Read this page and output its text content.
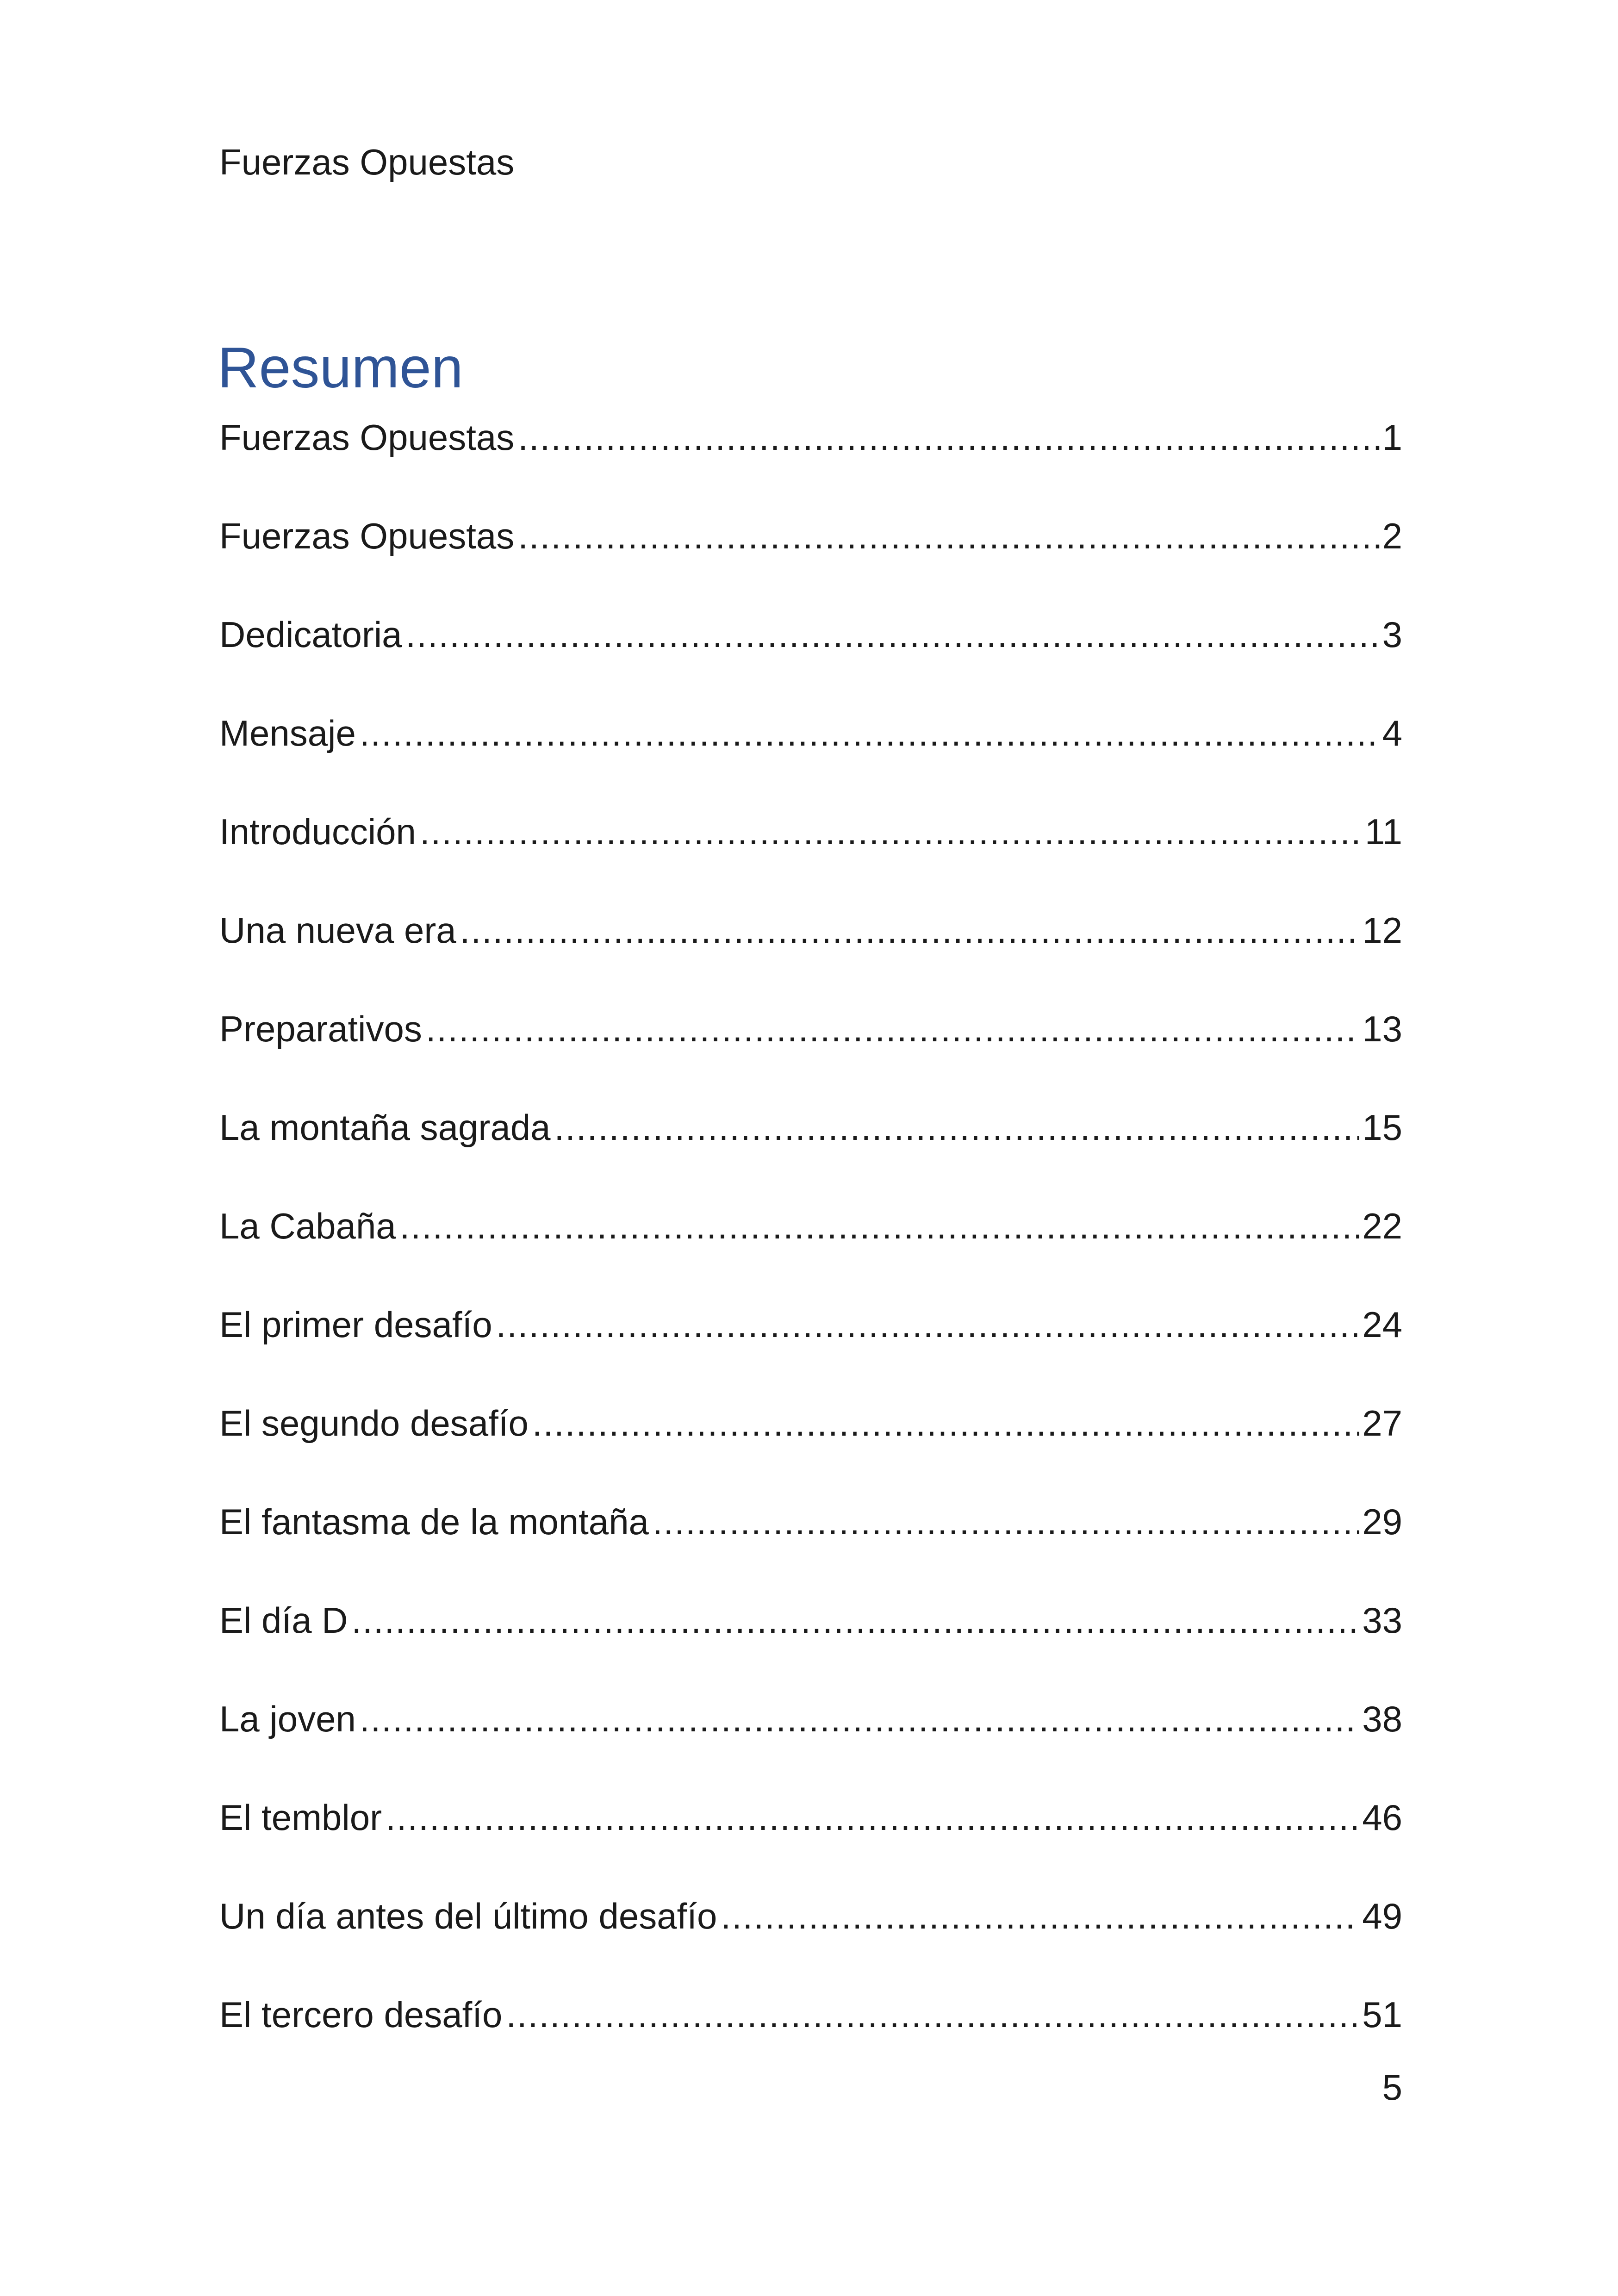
Fuerzas Opuestas
Resumen
Fuerzas Opuestas .....	1
Fuerzas Opuestas .....	2
Dedicatoria .....	3
Mensaje .....	4
Introducción .....	11
Una nueva era .....	12
Preparativos .....	13
La montaña sagrada .....	15
La Cabaña .....	22
El primer desafío .....	24
El segundo desafío .....	27
El fantasma de la montaña .....	29
El día D .....	33
La joven .....	38
El temblor .....	46
Un día antes del último desafío .....	49
El tercero desafío .....	51
5
